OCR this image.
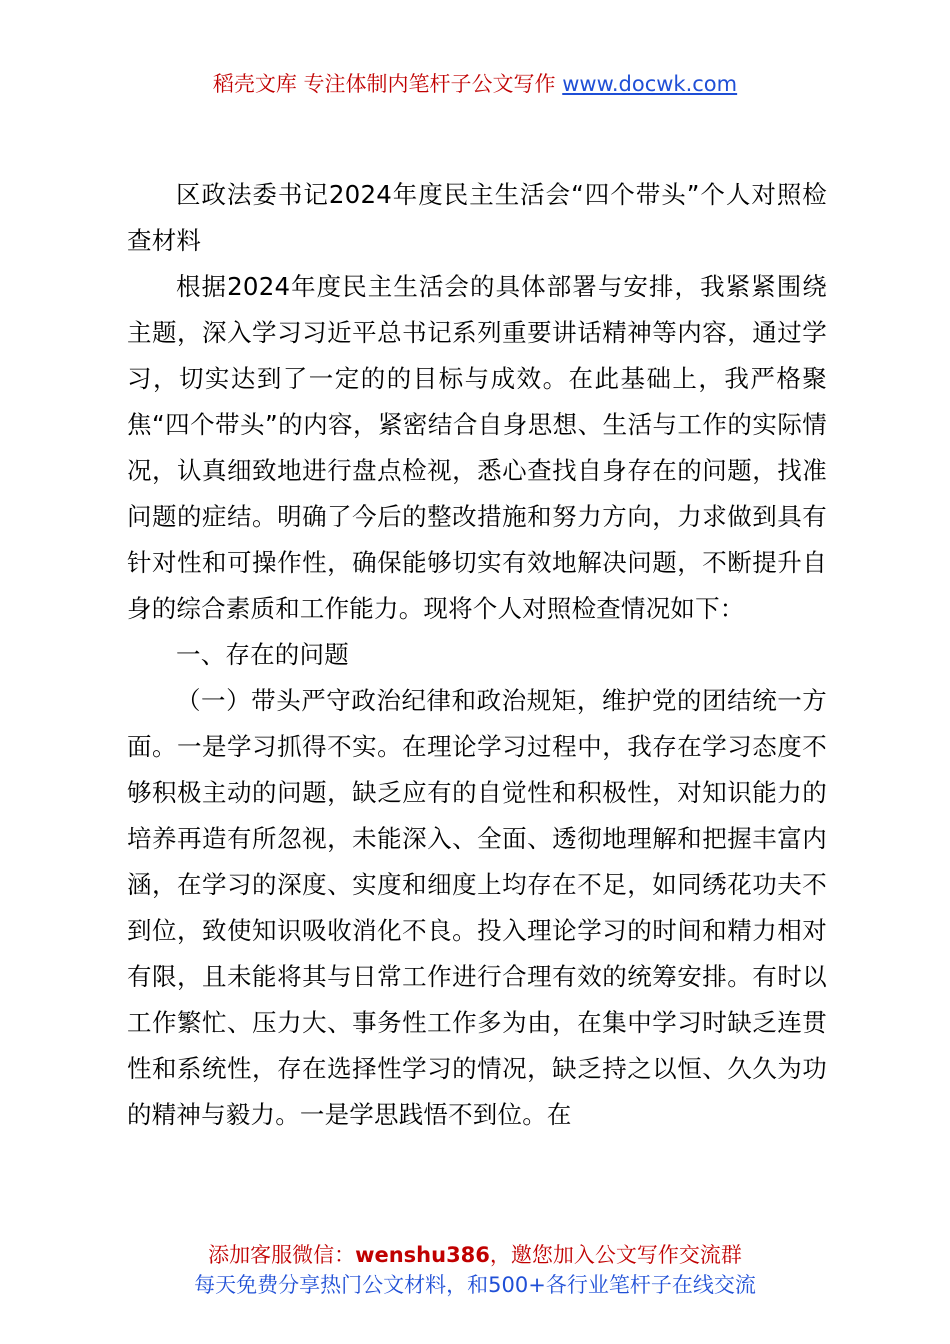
稻壳文库 专注体制内笔杆子公文写作 www.docwk.com

区政法委书记2024年度民主生活会“四个带头”个人对照检查材料

根据2024年度民主生活会的具体部署与安排，我紧紧围绕主题，深入学习习近平总书记系列重要讲话精神等内容，通过学习，切实达到了一定的的目标与成效。在此基础上，我严格聚焦“四个带头”的内容，紧密结合自身思想、生活与工作的实际情况，认真细致地进行盘点检视，悉心查找自身存在的问题，找准问题的症结。明确了今后的整改措施和努力方向，力求做到具有针对性和可操作性，确保能够切实有效地解决问题，不断提升自身的综合素质和工作能力。现将个人对照检查情况如下：

一、存在的问题

（一）带头严守政治纪律和政治规矩，维护党的团结统一方面。一是学习抓得不实。在理论学习过程中，我存在学习态度不够积极主动的问题，缺乏应有的自觉性和积极性，对知识能力的培养再造有所忽视，未能深入、全面、透彻地理解和把握丰富内涵，在学习的深度、实度和细度上均存在不足，如同绣花功夫不到位，致使知识吸收消化不良。投入理论学习的时间和精力相对有限，且未能将其与日常工作进行合理有效的统筹安排。有时以工作繁忙、压力大、事务性工作多为由，在集中学习时缺乏连贯性和系统性，存在选择性学习的情况，缺乏持之以恒、久久为功的精神与毅力。一是学思践悟不到位。在

添加客服微信：wenshu386，邀您加入公文写作交流群
每天免费分享热门公文材料，和500+各行业笔杆子在线交流
